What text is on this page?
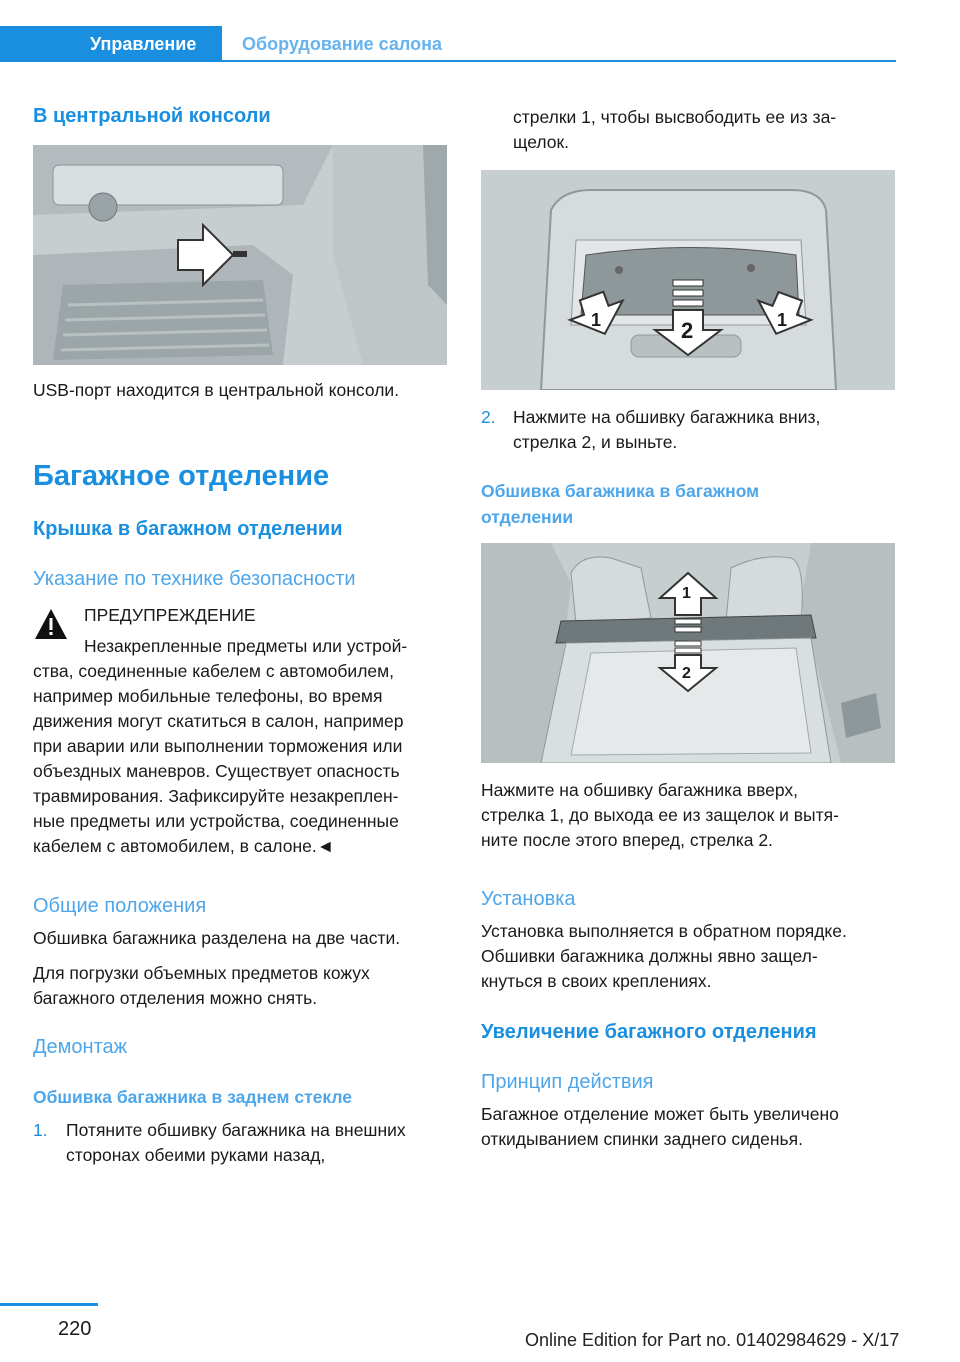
Управление	Оборудование салона
В центральной консоли
USB-порт находится в центральной консоли.
Багажное отделение
Крышка в багажном отделении
Указание по технике безопасности
ПРЕДУПРЕЖДЕНИЕ
Незакрепленные предметы или устрой-
ства, соединенные кабелем с автомобилем,
например мобильные телефоны, во время
движения могут скатиться в салон, например
при аварии или выполнении торможения или
объездных маневров. Существует опасность
травмирования. Зафиксируйте незакреплен-
ные предметы или устройства, соединенные
кабелем с автомобилем, в салоне.◄
Общие положения
Обшивка багажника разделена на две части.
Для погрузки объемных предметов кожух
багажного отделения можно снять.
Демонтаж
Обшивка багажника в заднем стекле
1. Потяните обшивку багажника на внешних
сторонах обеими руками назад,
стрелки 1, чтобы высвободить ее из за-
щелок.
1	2	1
2. Нажмите на обшивку багажника вниз,
стрелка 2, и выньте.
Обшивка багажника в багажном
отделении
1
2
Нажмите на обшивку багажника вверх,
стрелка 1, до выхода ее из защелок и вытя-
ните после этого вперед, стрелка 2.
Установка
Установка выполняется в обратном порядке.
Обшивки багажника должны явно защел-
кнуться в своих креплениях.
Увеличение багажного отделения
Принцип действия
Багажное отделение может быть увеличено
откидыванием спинки заднего сиденья.
220	Online Edition for Part no. 01402984629 - X/17
